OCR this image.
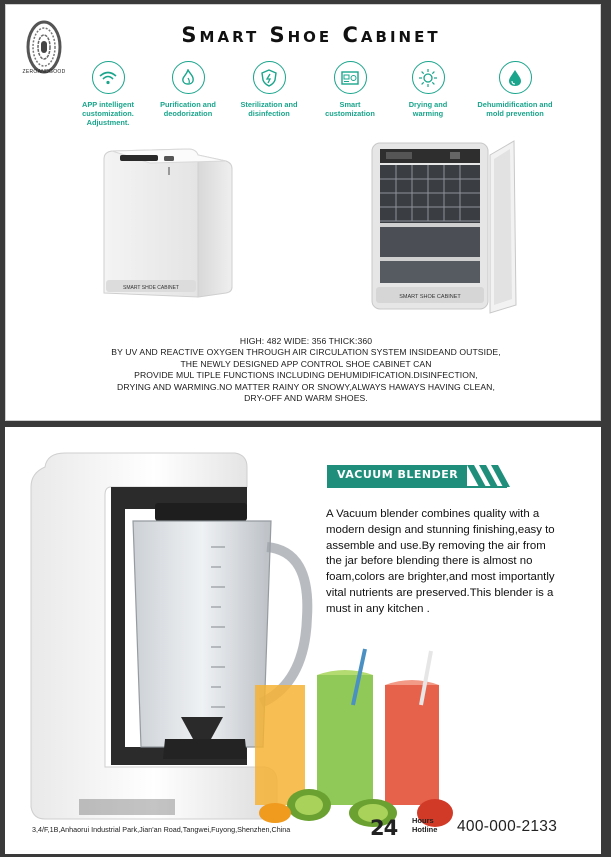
ZEROANDGOOD
Smart Shoe Cabinet
APP intelligent
customization. Adjustment.
Purification and
deodorization
Sterilization and
disinfection
Smart
customization
Drying and
warming
Dehumidification and
mold prevention
SMART SHOE CABINET
SMART SHOE CABINET
HIGH: 482 WIDE: 356 THICK:360
BY UV AND REACTIVE OXYGEN THROUGH AIR CIRCULATION SYSTEM INSIDEAND OUTSIDE,
THE NEWLY DESIGNED APP CONTROL SHOE CABINET CAN
PROVIDE MUL TIPLE FUNCTIONS INCLUDING DEHUMIDIFICATION.DISINFECTION,
DRYING AND WARMING.NO MATTER RAINY OR SNOWY,ALWAYS HAWAYS HAVING CLEAN,
DRY-OFF AND WARM SHOES.
VACUUM BLENDER
A Vacuum blender combines quality with a
modern design and stunning finishing,easy to
assemble and use.By removing the air from
the jar before blending there is almost no
foam,colors are brighter,and most importantly
vital nutrients are preserved.This blender is a
must in any kitchen .
3,4/F,1B,Anhaorui Industrial Park,Jian'an Road,Tangwei,Fuyong,Shenzhen,China	24 Hours
Hotline 400-000-2133
